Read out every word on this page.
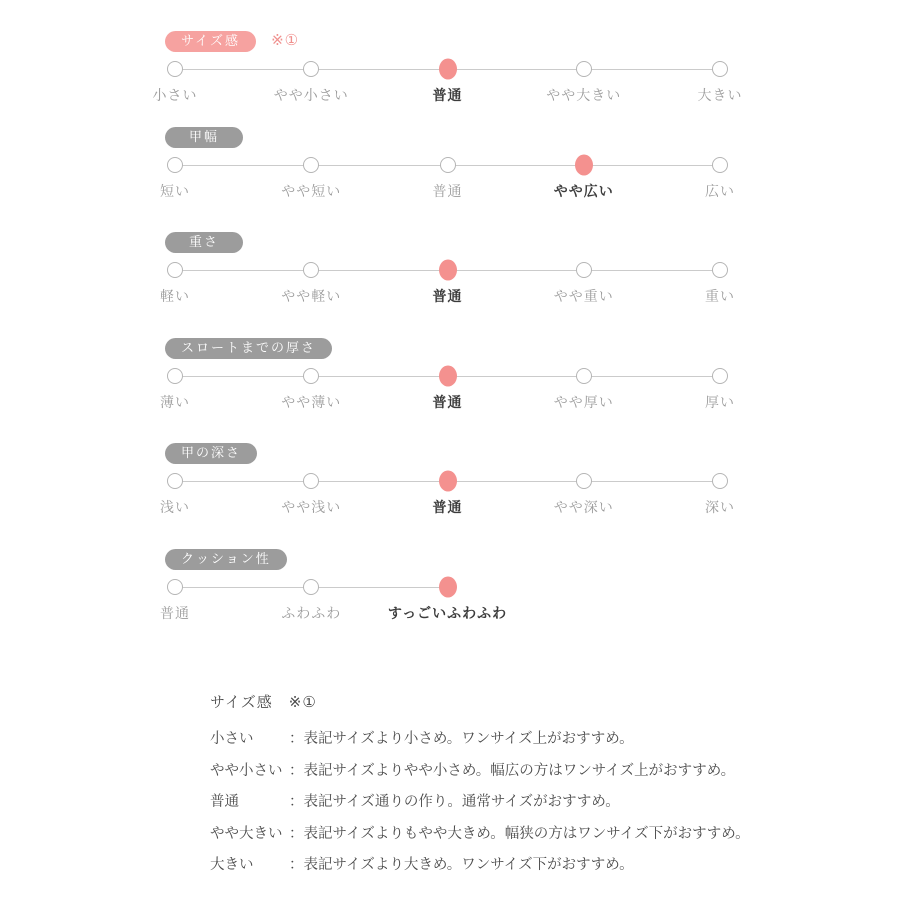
サイズ感 ※①
小さい	やや小さい	普通	やや大きい	大きい
甲幅
短い	やや短い	普通	やや広い	広い
重さ
軽い	やや軽い	普通	やや重い	重い
スロートまでの厚さ
薄い	やや薄い	普通	やや厚い	厚い
甲の深さ
浅い	やや浅い	普通	やや深い	深い
クッション性
普通	ふわふわ	すっごいふわふわ
サイズ感　※①
小さい	： 表記サイズより小さめ。ワンサイズ上がおすすめ。
やや小さい ： 表記サイズよりやや小さめ。幅広の方はワンサイズ上がおすすめ。
普通	： 表記サイズ通りの作り。通常サイズがおすすめ。
やや大きい ： 表記サイズよりもやや大きめ。幅狭の方はワンサイズ下がおすすめ。
大きい	： 表記サイズより大きめ。ワンサイズ下がおすすめ。
